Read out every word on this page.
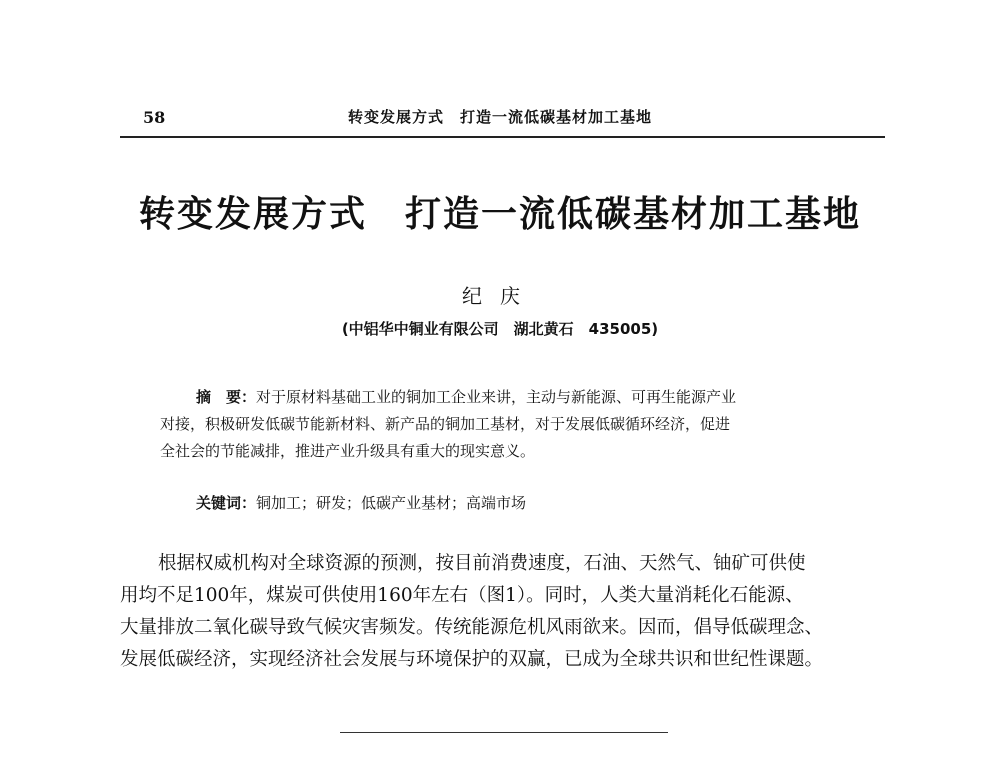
58	转变发展方式　打造一流低碳基材加工基地
转变发展方式　打造一流低碳基材加工基地
纪庆
(中铝华中铜业有限公司　湖北黄石　435005)
摘　要：对于原材料基础工业的铜加工企业来讲，主动与新能源、可再生能源产业
对接，积极研发低碳节能新材料、新产品的铜加工基材，对于发展低碳循环经济，促进
全社会的节能减排，推进产业升级具有重大的现实意义。
关键词：铜加工；研发；低碳产业基材；高端市场
根据权威机构对全球资源的预测，按目前消费速度，石油、天然气、铀矿可供使
用均不足100年，煤炭可供使用160年左右（图1）。同时，人类大量消耗化石能源、
大量排放二氧化碳导致气候灾害频发。传统能源危机风雨欲来。因而，倡导低碳理念、
发展低碳经济，实现经济社会发展与环境保护的双赢，已成为全球共识和世纪性课题。
